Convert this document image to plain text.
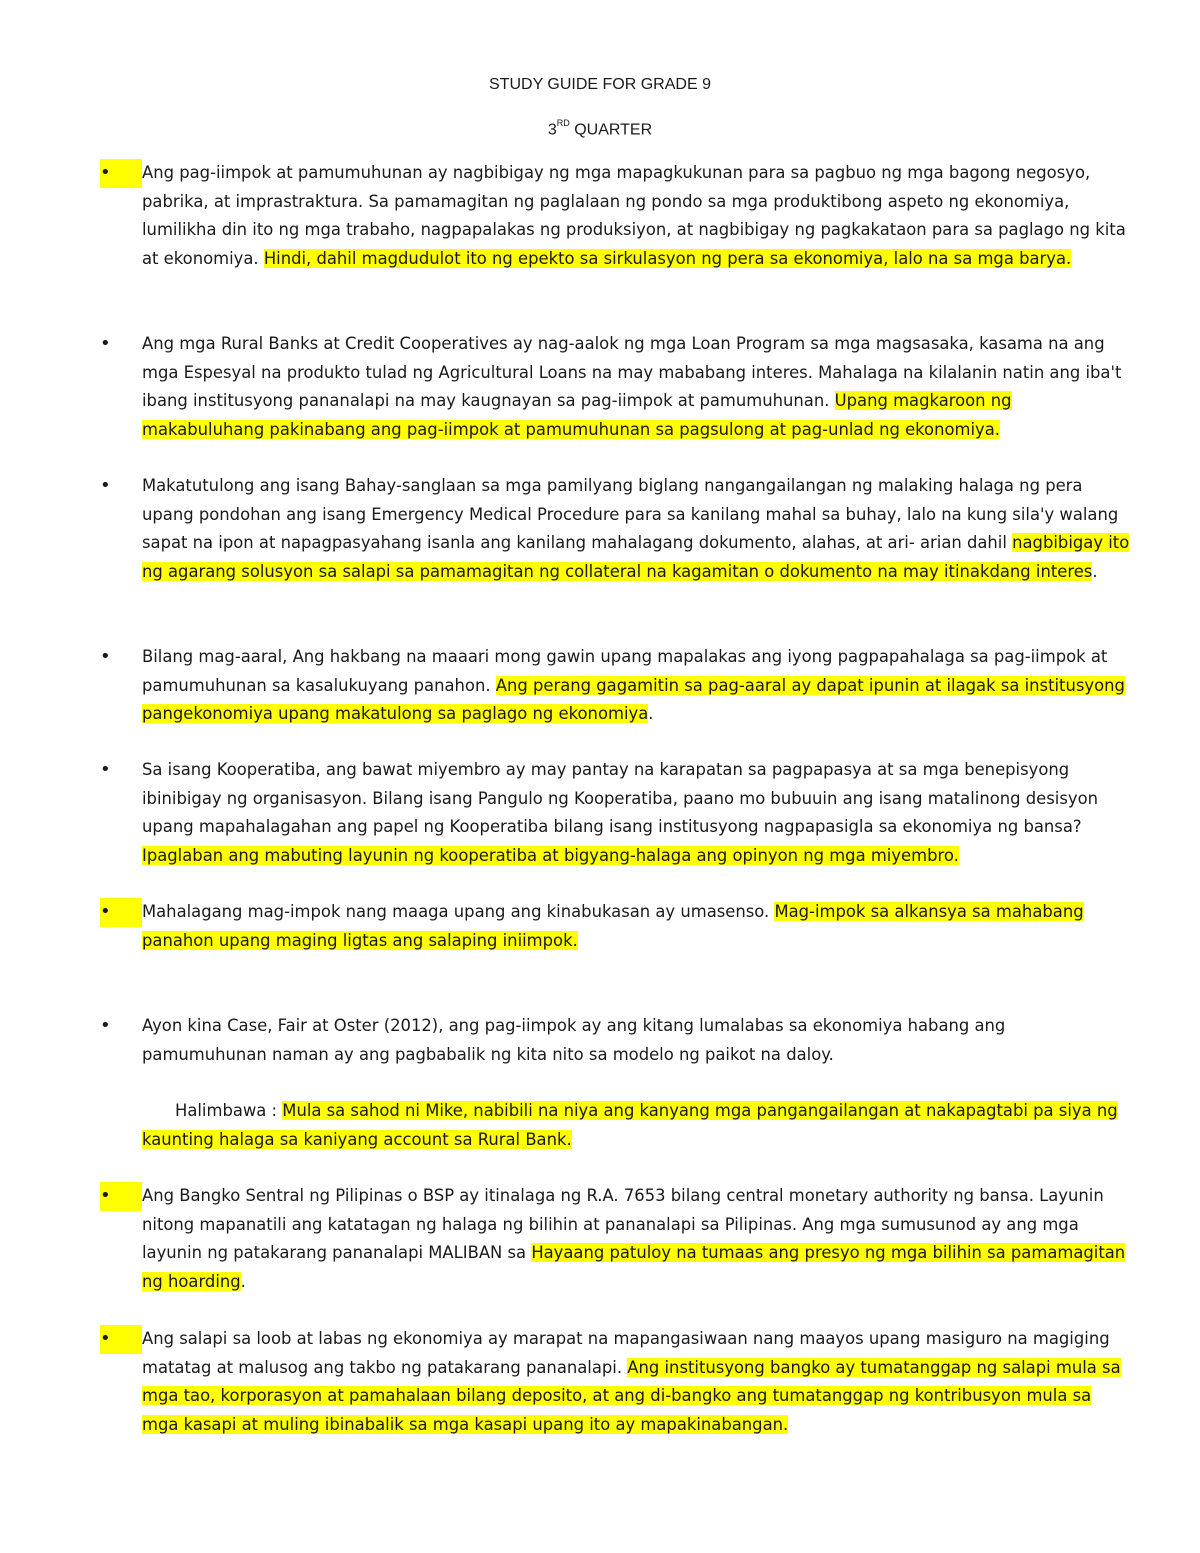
STUDY GUIDE FOR GRADE 9
3RD QUARTER
•	Ang pag-iimpok at pamumuhunan ay nagbibigay ng mga mapagkukunan para sa pagbuo ng mga bagong negosyo, pabrika, at imprastraktura. Sa pamamagitan ng paglalaan ng pondo sa mga produktibong aspeto ng ekonomiya, lumilikha din ito ng mga trabaho, nagpapalakas ng produksiyon, at nagbibigay ng pagkakataon para sa paglago ng kita at ekonomiya. Hindi, dahil magdudulot ito ng epekto sa sirkulasyon ng pera sa ekonomiya, lalo na sa mga barya.
• Ang mga Rural Banks at Credit Cooperatives ay nag-aalok ng mga Loan Program sa mga magsasaka, kasama na ang mga Espesyal na produkto tulad ng Agricultural Loans na may mababang interes. Mahalaga na kilalanin natin ang iba't ibang institusyong pananalapi na may kaugnayan sa pag-iimpok at pamumuhunan. Upang magkaroon ng makabuluhang pakinabang ang pag-iimpok at pamumuhunan sa pagsulong at pag-unlad ng ekonomiya.
• Makatutulong ang isang Bahay-sanglaan sa mga pamilyang biglang nangangailangan ng malaking halaga ng pera upang pondohan ang isang Emergency Medical Procedure para sa kanilang mahal sa buhay, lalo na kung sila'y walang sapat na ipon at napagpasyahang isanla ang kanilang mahalagang dokumento, alahas, at ari- arian dahil nagbibigay ito ng agarang solusyon sa salapi sa pamamagitan ng collateral na kagamitan o dokumento na may itinakdang interes.
• Bilang mag-aaral, Ang hakbang na maaari mong gawin upang mapalakas ang iyong pagpapahalaga sa pag-iimpok at pamumuhunan sa kasalukuyang panahon. Ang perang gagamitin sa pag-aaral ay dapat ipunin at ilagak sa institusyong pangekonomiya upang makatulong sa paglago ng ekonomiya.
• Sa isang Kooperatiba, ang bawat miyembro ay may pantay na karapatan sa pagpapasya at sa mga benepisyong ibinibigay ng organisasyon. Bilang isang Pangulo ng Kooperatiba, paano mo bubuuin ang isang matalinong desisyon upang mapahalagahan ang papel ng Kooperatiba bilang isang institusyong nagpapasigla sa ekonomiya ng bansa?
Ipaglaban ang mabuting layunin ng kooperatiba at bigyang-halaga ang opinyon ng mga miyembro.
•	Mahalagang mag-impok nang maaga upang ang kinabukasan ay umasenso. Mag-impok sa alkansya sa mahabang panahon upang maging ligtas ang salaping iniimpok.
• Ayon kina Case, Fair at Oster (2012), ang pag-iimpok ay ang kitang lumalabas sa ekonomiya habang ang pamumuhunan naman ay ang pagbabalik ng kita nito sa modelo ng paikot na daloy.
Halimbawa : Mula sa sahod ni Mike, nabibili na niya ang kanyang mga pangangailangan at nakapagtabi pa siya ng kaunting halaga sa kaniyang account sa Rural Bank.
•	Ang Bangko Sentral ng Pilipinas o BSP ay itinalaga ng R.A. 7653 bilang central monetary authority ng bansa. Layunin nitong mapanatili ang katatagan ng halaga ng bilihin at pananalapi sa Pilipinas. Ang mga sumusunod ay ang mga layunin ng patakarang pananalapi MALIBAN sa Hayaang patuloy na tumaas ang presyo ng mga bilihin sa pamamagitan ng hoarding.
•	Ang salapi sa loob at labas ng ekonomiya ay marapat na mapangasiwaan nang maayos upang masiguro na magiging matatag at malusog ang takbo ng patakarang pananalapi. Ang institusyong bangko ay tumatanggap ng salapi mula sa mga tao, korporasyon at pamahalaan bilang deposito, at ang di-bangko ang tumatanggap ng kontribusyon mula sa mga kasapi at muling ibinabalik sa mga kasapi upang ito ay mapakinabangan.
